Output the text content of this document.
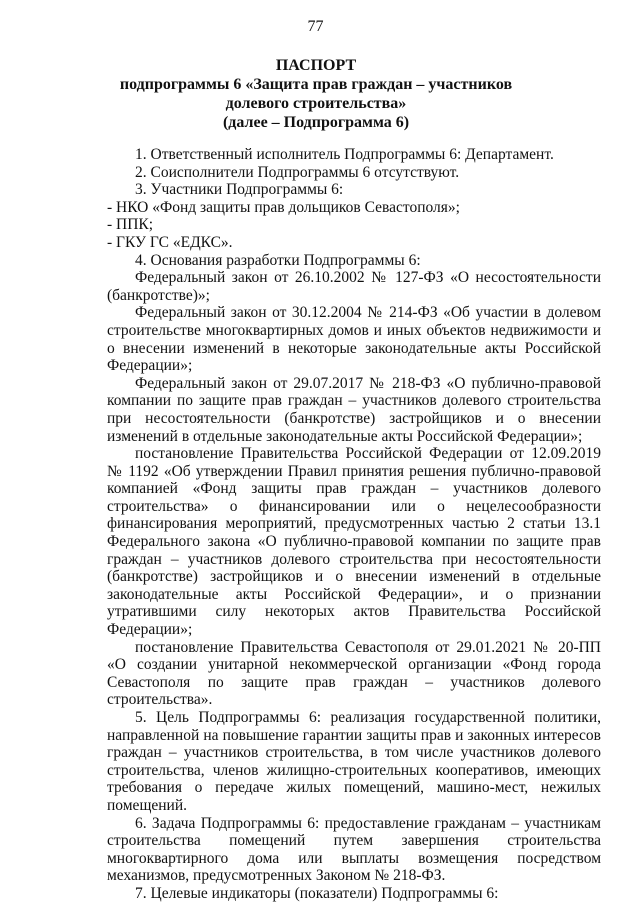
77
ПАСПОРТ
подпрограммы 6 «Защита прав граждан – участников долевого строительства»
(далее – Подпрограмма 6)

1. Ответственный исполнитель Подпрограммы 6: Департамент.

2. Соисполнители Подпрограммы 6 отсутствуют.

3. Участники Подпрограммы 6:

- НКО «Фонд защиты прав дольщиков Севастополя»;

- ППК;

- ГКУ ГС «ЕДКС».

4. Основания разработки Подпрограммы 6:

Федеральный закон от 26.10.2002 № 127-ФЗ «О несостоятельности (банкротстве)»;

Федеральный закон от 30.12.2004 № 214-ФЗ «Об участии в долевом строительстве многоквартирных домов и иных объектов недвижимости и о внесении изменений в некоторые законодательные акты Российской Федерации»;

Федеральный закон от 29.07.2017 № 218-ФЗ «О публично-правовой компании по защите прав граждан – участников долевого строительства при несостоятельности (банкротстве) застройщиков и о внесении изменений в отдельные законодательные акты Российской Федерации»;

постановление Правительства Российской Федерации от 12.09.2019 № 1192 «Об утверждении Правил принятия решения публично-правовой компанией «Фонд защиты прав граждан – участников долевого строительства» о финансировании или о нецелесообразности финансирования мероприятий, предусмотренных частью 2 статьи 13.1 Федерального закона «О публично-правовой компании по защите прав граждан – участников долевого строительства при несостоятельности (банкротстве) застройщиков и о внесении изменений в отдельные законодательные акты Российской Федерации», и о признании утратившими силу некоторых актов Правительства Российской Федерации»;

постановление Правительства Севастополя от 29.01.2021 № 20-ПП «О создании унитарной некоммерческой организации «Фонд города Севастополя по защите прав граждан – участников долевого строительства».

5. Цель Подпрограммы 6: реализация государственной политики, направленной на повышение гарантии защиты прав и законных интересов граждан – участников строительства, в том числе участников долевого строительства, членов жилищно-строительных кооперативов, имеющих требования о передаче жилых помещений, машино-мест, нежилых помещений.

6. Задача Подпрограммы 6: предоставление гражданам – участникам строительства помещений путем завершения строительства многоквартирного дома или выплаты возмещения посредством механизмов, предусмотренных Законом № 218-ФЗ.

7. Целевые индикаторы (показатели) Подпрограммы 6:
